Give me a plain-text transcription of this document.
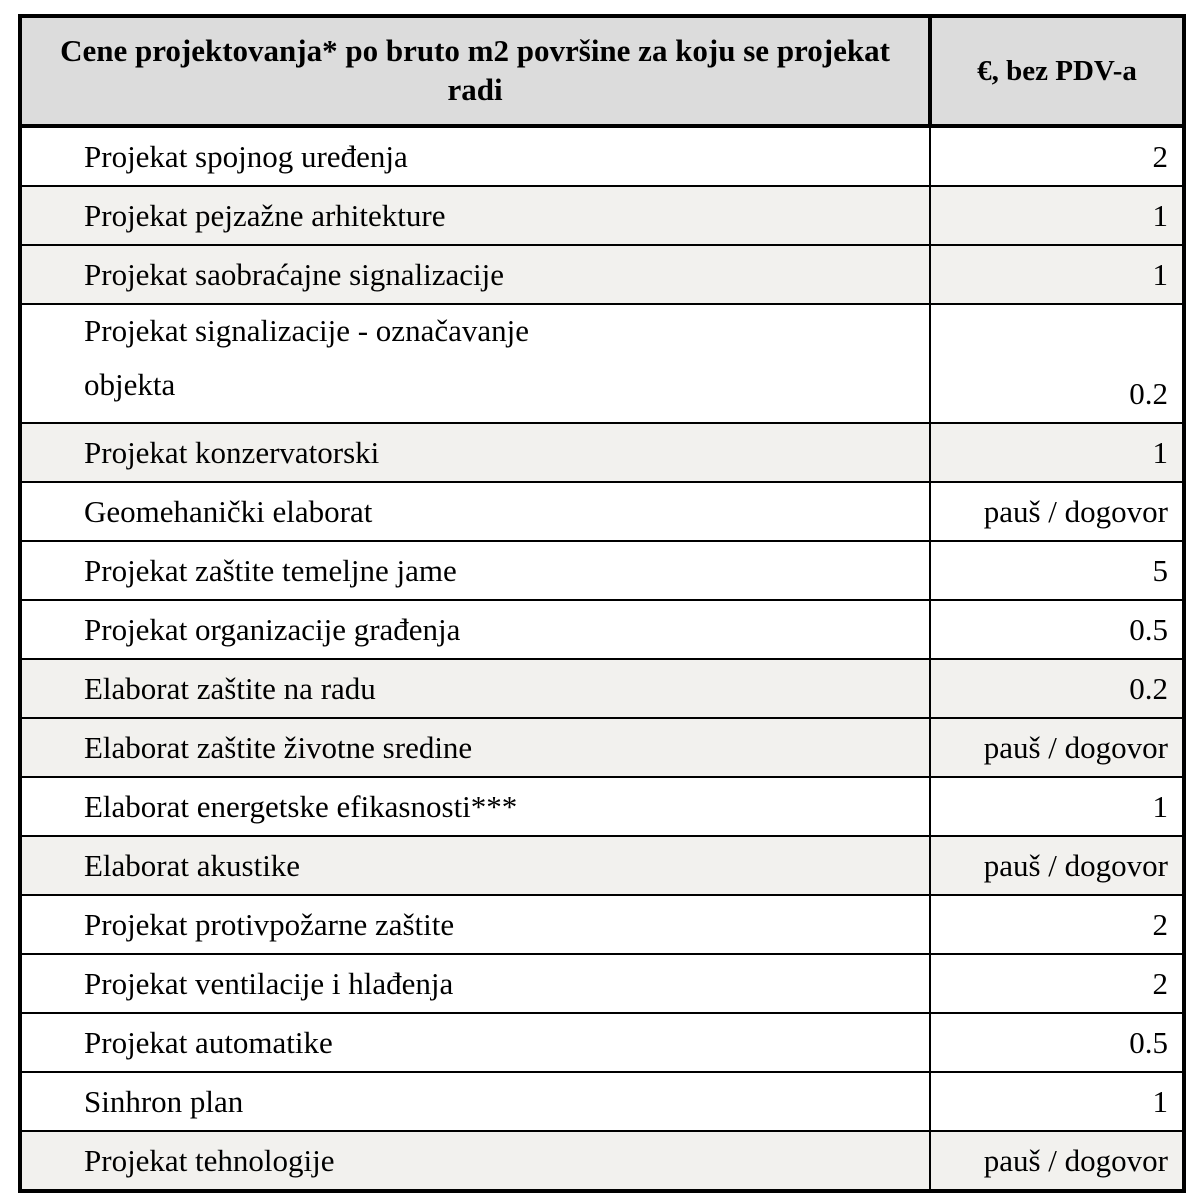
Cene projektovanja* po bruto m2 površine za koju se projekat radi	€, bez PDV-a
Projekat spojnog uređenja	2
Projekat pejzažne arhitekture	1
Projekat saobraćajne signalizacije	1

Projekat signalizacije - označavanje
objekta	0.2
Projekat konzervatorski	1
Geomehanički elaborat	pauš / dogovor
Projekat zaštite temeljne jame	5
Projekat organizacije građenja	0.5
Elaborat zaštite na radu	0.2
Elaborat zaštite životne sredine	pauš / dogovor
Elaborat energetske efikasnosti***	1
Elaborat akustike	pauš / dogovor
Projekat protivpožarne zaštite	2
Projekat ventilacije i hlađenja	2
Projekat automatike	0.5
Sinhron plan	1
Projekat tehnologije	pauš / dogovor
